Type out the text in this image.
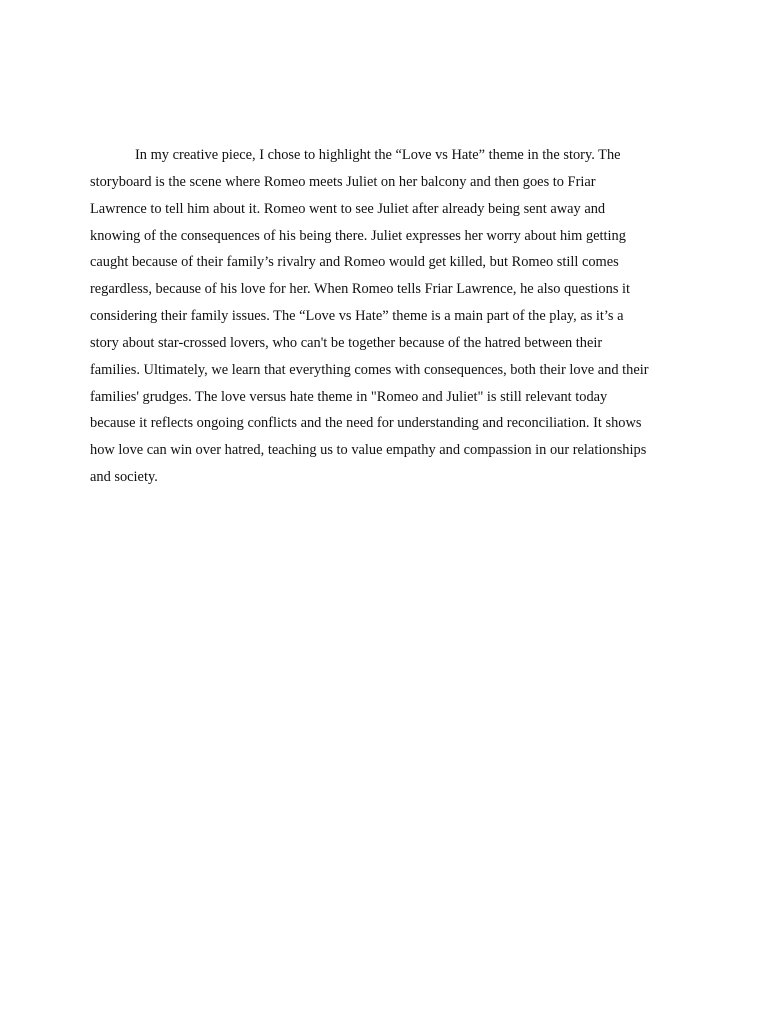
In my creative piece, I chose to highlight the “Love vs Hate” theme in the story. The
storyboard is the scene where Romeo meets Juliet on her balcony and then goes to Friar
Lawrence to tell him about it. Romeo went to see Juliet after already being sent away and
knowing of the consequences of his being there. Juliet expresses her worry about him getting
caught because of their family’s rivalry and Romeo would get killed, but Romeo still comes
regardless, because of his love for her. When Romeo tells Friar Lawrence, he also questions it
considering their family issues. The “Love vs Hate” theme is a main part of the play, as it’s a
story about star-crossed lovers, who can't be together because of the hatred between their
families. Ultimately, we learn that everything comes with consequences, both their love and their
families' grudges. The love versus hate theme in "Romeo and Juliet" is still relevant today
because it reflects ongoing conflicts and the need for understanding and reconciliation. It shows
how love can win over hatred, teaching us to value empathy and compassion in our relationships
and society.
